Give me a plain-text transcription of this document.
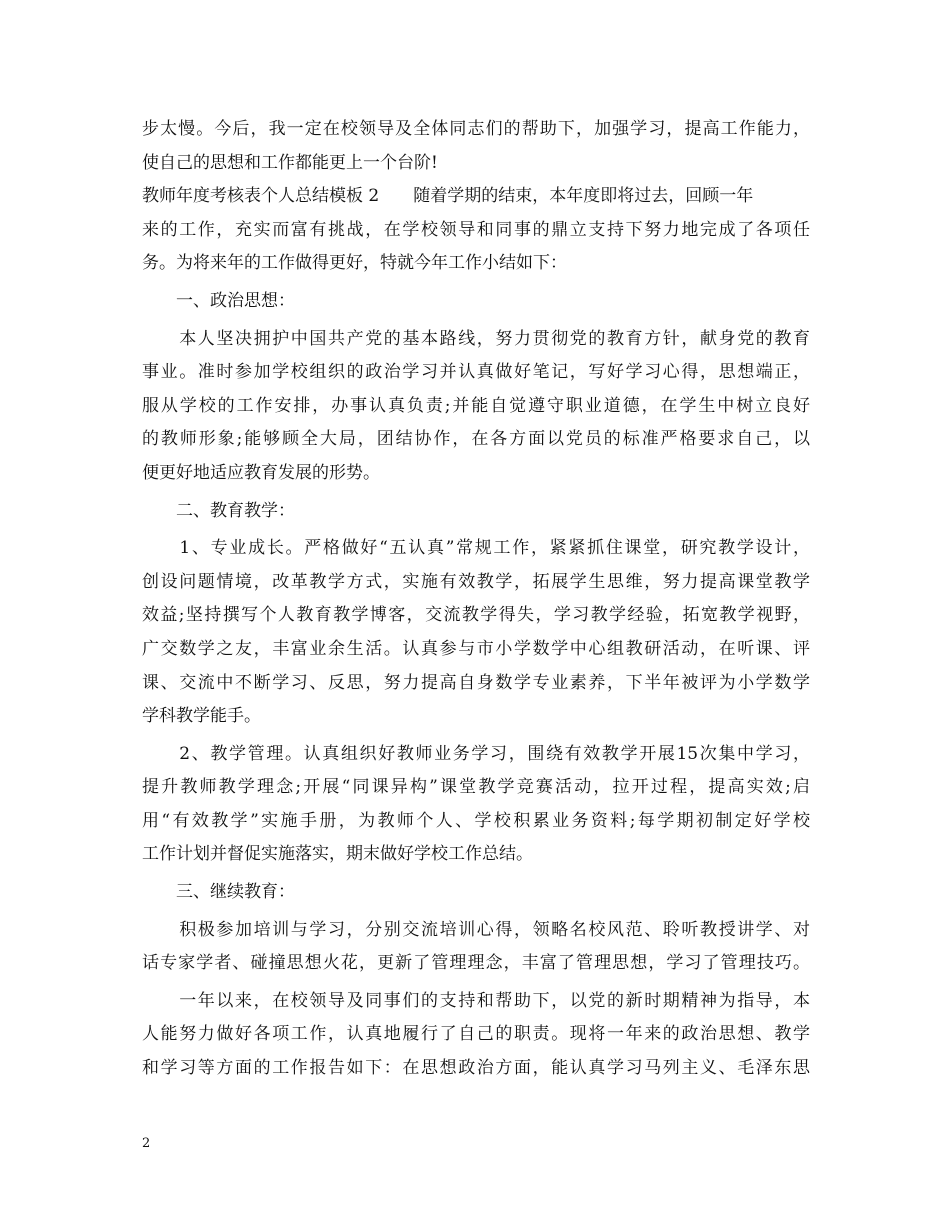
步太慢。今后，我一定在校领导及全体同志们的帮助下，加强学习，提高工作能力，
使自己的思想和工作都能更上一个台阶!
教师年度考核表个人总结模板 2 随着学期的结束，本年度即将过去，回顾一年
来的工作，充实而富有挑战，在学校领导和同事的鼎立支持下努力地完成了各项任
务。为将来年的工作做得更好，特就今年工作小结如下：
　　一、政治思想：
　　本人坚决拥护中国共产党的基本路线，努力贯彻党的教育方针，献身党的教育
事业。准时参加学校组织的政治学习并认真做好笔记，写好学习心得，思想端正，
服从学校的工作安排，办事认真负责;并能自觉遵守职业道德，在学生中树立良好
的教师形象;能够顾全大局，团结协作，在各方面以党员的标准严格要求自己，以
便更好地适应教育发展的形势。
　　二、教育教学：
　　1、专业成长。严格做好“五认真”常规工作，紧紧抓住课堂，研究教学设计，
创设问题情境，改革教学方式，实施有效教学，拓展学生思维，努力提高课堂教学
效益;坚持撰写个人教育教学博客，交流教学得失，学习教学经验，拓宽教学视野，
广交数学之友，丰富业余生活。认真参与市小学数学中心组教研活动，在听课、评
课、交流中不断学习、反思，努力提高自身数学专业素养，下半年被评为小学数学
学科教学能手。
　　2、教学管理。认真组织好教师业务学习，围绕有效教学开展15次集中学习，
提升教师教学理念;开展“同课异构”课堂教学竞赛活动，拉开过程，提高实效;启
用“有效教学”实施手册，为教师个人、学校积累业务资料;每学期初制定好学校
工作计划并督促实施落实，期末做好学校工作总结。
　　三、继续教育：
　　积极参加培训与学习，分别交流培训心得，领略名校风范、聆听教授讲学、对
话专家学者、碰撞思想火花，更新了管理理念，丰富了管理思想，学习了管理技巧。
　　一年以来，在校领导及同事们的支持和帮助下，以党的新时期精神为指导，本
人能努力做好各项工作，认真地履行了自己的职责。现将一年来的政治思想、教学
和学习等方面的工作报告如下：在思想政治方面，能认真学习马列主义、毛泽东思
2
